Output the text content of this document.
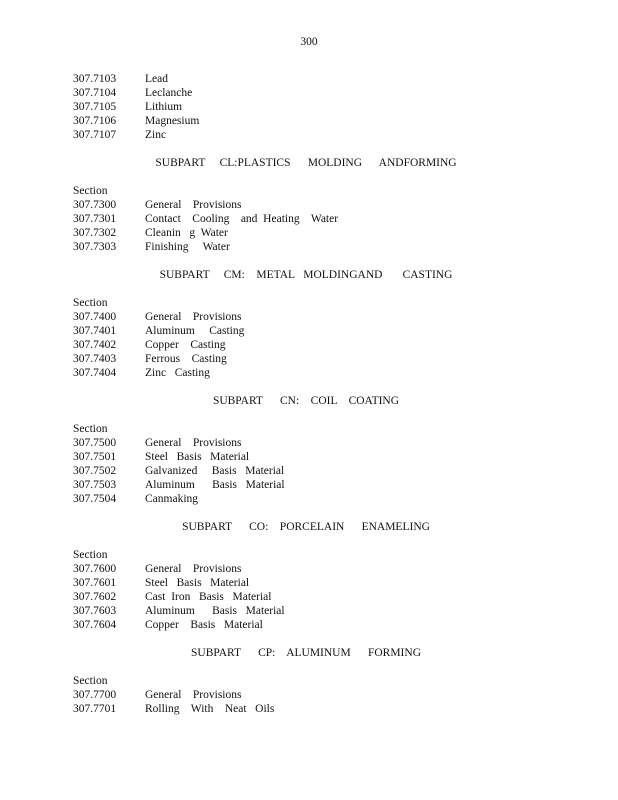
300
307.7103	Lead
307.7104	Leclanche
307.7105	Lithium
307.7106	Magnesium
307.7107	Zinc
SUBPART     CL:PLASTICS      MOLDING      ANDFORMING
Section
307.7300	General    Provisions
307.7301	Contact    Cooling    and  Heating    Water
307.7302	Cleanin   g  Water
307.7303	Finishing     Water
SUBPART     CM:    METAL   MOLDINGAND       CASTING
Section
307.7400	General    Provisions
307.7401	Aluminum     Casting
307.7402	Copper    Casting
307.7403	Ferrous    Casting
307.7404	Zinc   Casting
SUBPART      CN:    COIL    COATING
Section
307.7500	General    Provisions
307.7501	Steel   Basis   Material
307.7502	Galvanized     Basis   Material
307.7503	Aluminum      Basis   Material
307.7504	Canmaking
SUBPART      CO:    PORCELAIN      ENAMELING
Section
307.7600	General    Provisions
307.7601	Steel   Basis   Material
307.7602	Cast  Iron   Basis   Material
307.7603	Aluminum      Basis   Material
307.7604	Copper    Basis   Material
SUBPART      CP:    ALUMINUM      FORMING
Section
307.7700	General    Provisions
307.7701	Rolling    With    Neat   Oils
